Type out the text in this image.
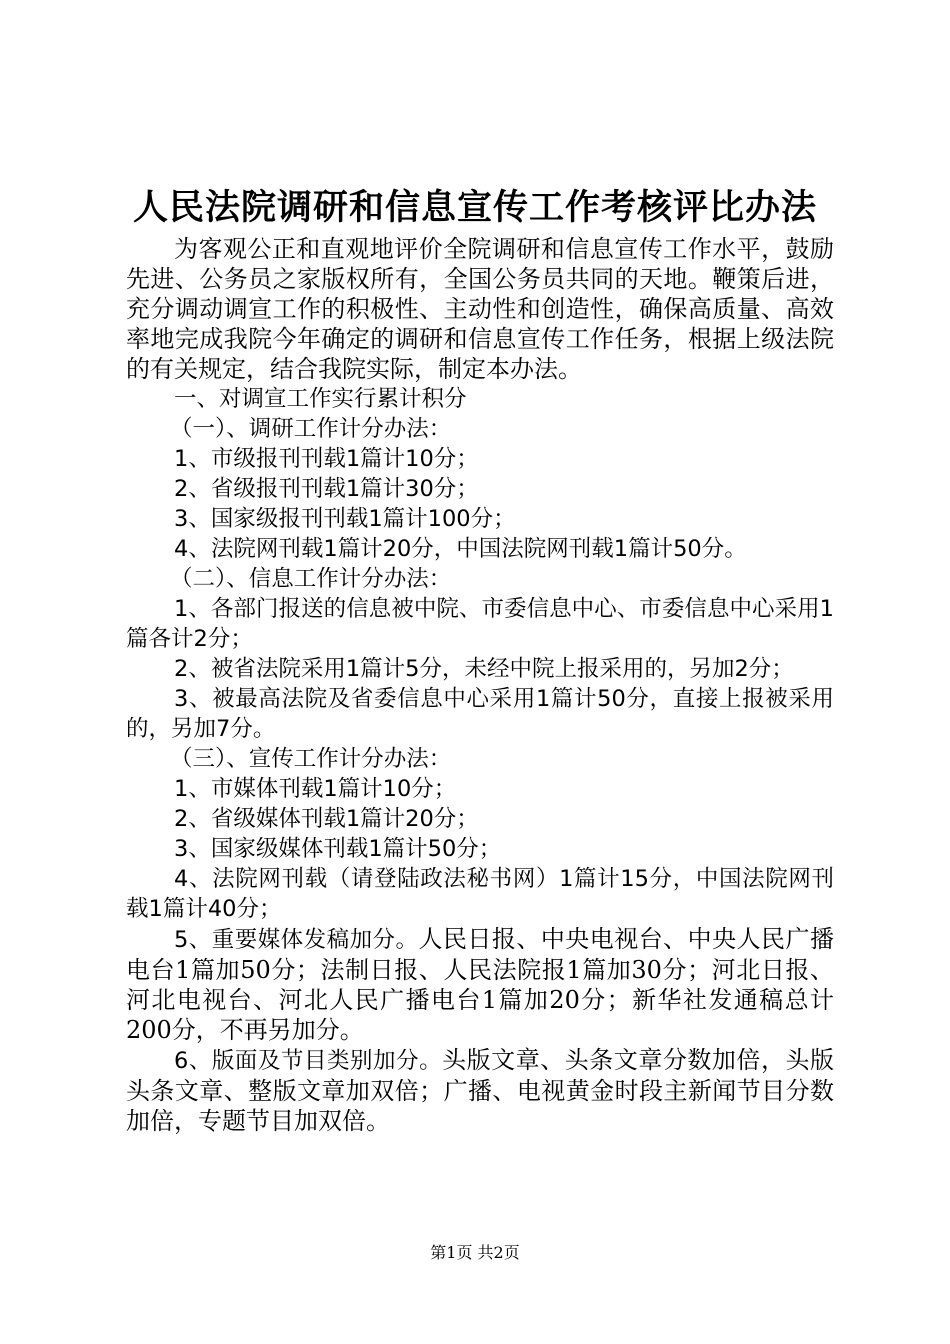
人民法院调研和信息宣传工作考核评比办法

为客观公正和直观地评价全院调研和信息宣传工作水平，鼓励先进、公务员之家版权所有，全国公务员共同的天地。鞭策后进，充分调动调宣工作的积极性、主动性和创造性，确保高质量、高效率地完成我院今年确定的调研和信息宣传工作任务，根据上级法院的有关规定，结合我院实际，制定本办法。

一、对调宣工作实行累计积分

（一）、调研工作计分办法：

1、市级报刊刊载1篇计10分；

2、省级报刊刊载1篇计30分；

3、国家级报刊刊载1篇计100分；

4、法院网刊载1篇计20分，中国法院网刊载1篇计50分。

（二）、信息工作计分办法：

1、各部门报送的信息被中院、市委信息中心、市委信息中心采用1篇各计2分；

2、被省法院采用1篇计5分，未经中院上报采用的，另加2分；

3、被最高法院及省委信息中心采用1篇计50分，直接上报被采用的，另加7分。

（三）、宣传工作计分办法：

1、市媒体刊载1篇计10分；

2、省级媒体刊载1篇计20分；

3、国家级媒体刊载1篇计50分；

4、法院网刊载（请登陆政法秘书网）1篇计15分，中国法院网刊载1篇计40分；

5、重要媒体发稿加分。人民日报、中央电视台、中央人民广播电台1篇加50分；法制日报、人民法院报1篇加30分；河北日报、河北电视台、河北人民广播电台1篇加20分；新华社发通稿总计200分，不再另加分。

6、版面及节目类别加分。头版文章、头条文章分数加倍，头版头条文章、整版文章加双倍；广播、电视黄金时段主新闻节目分数加倍，专题节目加双倍。

第1页 共2页
